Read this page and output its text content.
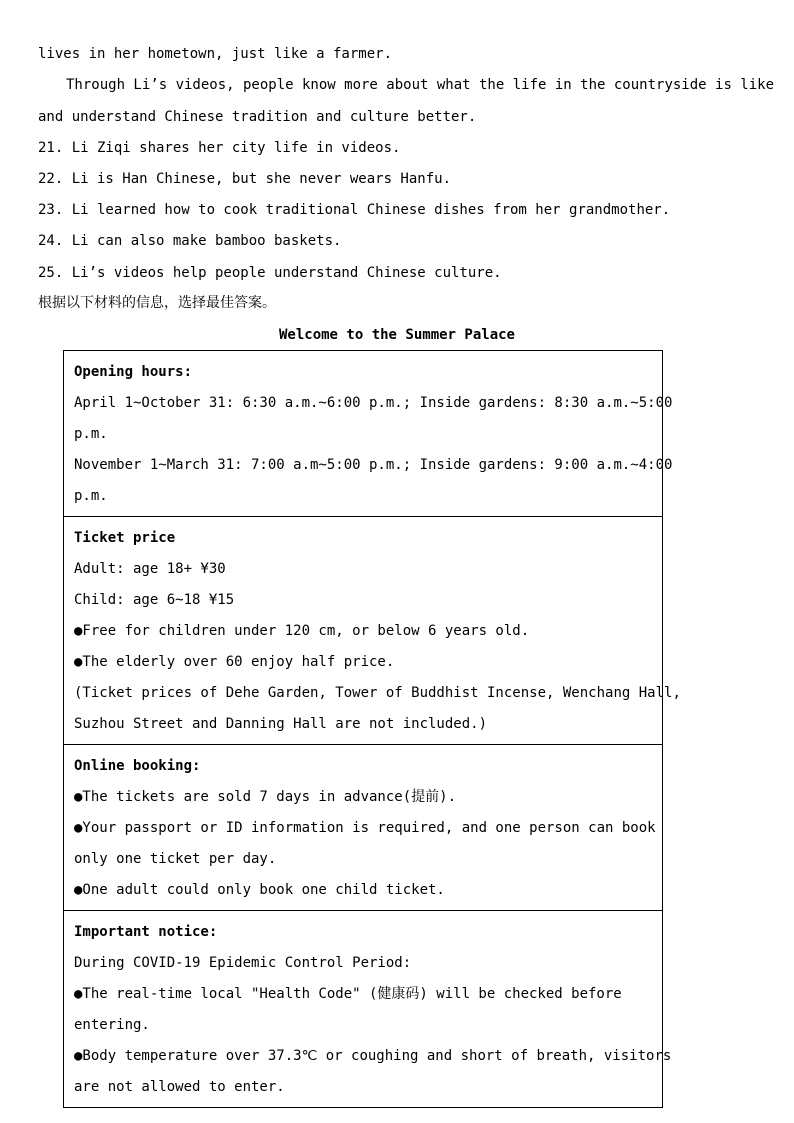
lives in her hometown, just like a farmer.
Through Li’s videos, people know more about what the life in the countryside is like
and understand Chinese tradition and culture better.
21. Li Ziqi shares her city life in videos.
22. Li is Han Chinese, but she never wears Hanfu.
23. Li learned how to cook traditional Chinese dishes from her grandmother.
24. Li can also make bamboo baskets.
25. Li’s videos help people understand Chinese culture.
根据以下材料的信息，选择最佳答案。
Welcome to the Summer Palace
Opening hours:
April 1~October 31: 6:30 a.m.~6:00 p.m.; Inside gardens: 8:30 a.m.~5:00
p.m.
November 1~March 31: 7:00 a.m~5:00 p.m.; Inside gardens: 9:00 a.m.~4:00
p.m.
Ticket price
Adult: age 18+ ¥30
Child: age 6~18 ¥15
●Free for children under 120 cm, or below 6 years old.
●The elderly over 60 enjoy half price.
(Ticket prices of Dehe Garden, Tower of Buddhist Incense, Wenchang Hall,
Suzhou Street and Danning Hall are not included.)
Online booking:
●The tickets are sold 7 days in advance(提前).
●Your passport or ID information is required, and one person can book
only one ticket per day.
●One adult could only book one child ticket.
Important notice:
During COVID-19 Epidemic Control Period:
●The real-time local "Health Code" (健康码) will be checked before
entering.
●Body temperature over 37.3℃ or coughing and short of breath, visitors
are not allowed to enter.
